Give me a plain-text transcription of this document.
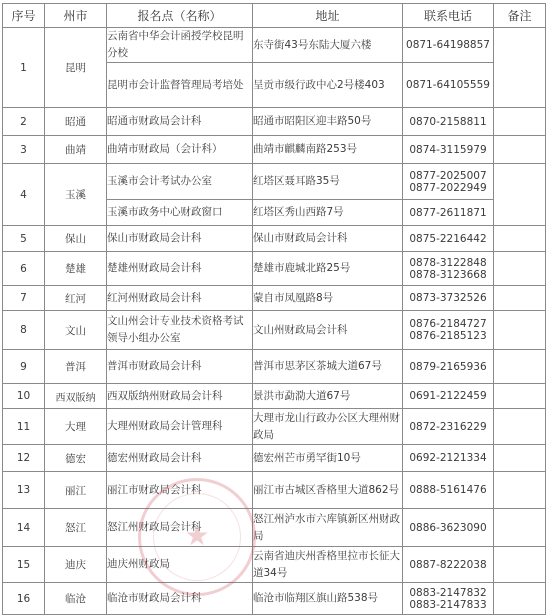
序号	州市	报名点（名称）	地址	联系电话	备注
1	昆明	云南省中华会计函授学校昆明分校	东寺街43号东陆大厦六楼	0871-64198857	
		昆明市会计监督管理局考培处	呈贡市级行政中心2号楼403	0871-64105559	
2	昭通	昭通市财政局会计科	昭通市昭阳区迎丰路50号	0870-2158811	
3	曲靖	曲靖市财政局（会计科）	曲靖市麒麟南路253号	0874-3115979	
4	玉溪	玉溪市会计考试办公室	红塔区聂耳路35号	0877-2025007 0877-2022949	
		玉溪市政务中心财政窗口	红塔区秀山西路7号	0877-2611871	
5	保山	保山市财政局会计科	保山市财政局会计科	0875-2216442	
6	楚雄	楚雄州财政局会计科	楚雄市鹿城北路25号	0878-3122848 0878-3123668	
7	红河	红河州财政局会计科	蒙自市凤凰路8号	0873-3732526	
8	文山	文山州会计专业技术资格考试领导小组办公室	文山州财政局会计科	0876-2184727 0876-2185123	
9	普洱	普洱市财政局会计科	普洱市思茅区茶城大道67号	0879-2165936	
10	西双版纳	西双版纳州财政局会计科	景洪市勐泐大道67号	0691-2122459	
11	大理	大理州财政局会计管理科	大理市龙山行政办公区大理州财政局	0872-2316229	
12	德宏	德宏州财政局会计科	德宏州芒市勇罕街10号	0692-2121334	
13	丽江	丽江市财政局会计科	丽江市古城区香格里大道862号	0888-5161476	
14	怒江	怒江州财政局会计科	怒江州泸水市六库镇新区州财政局	0886-3623090	
15	迪庆	迪庆州财政局	云南省迪庆州香格里拉市长征大道34号	0887-8222038	
16	临沧	临沧市财政局会计科	临沧市临翔区旗山路538号	0883-2147832 0883-2147833	
★
